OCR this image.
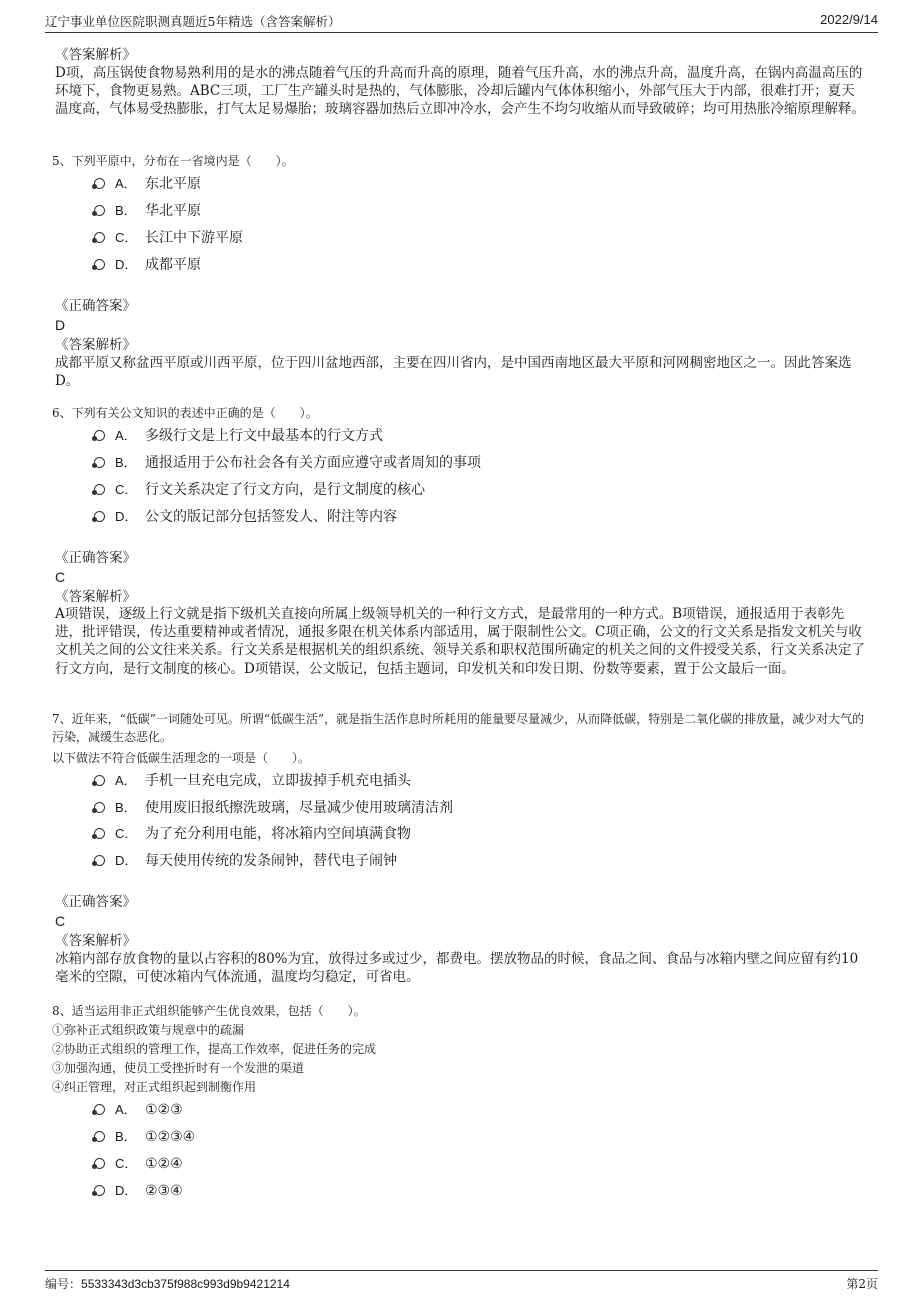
辽宁事业单位医院职测真题近5年精选（含答案解析）	2022/9/14
《答案解析》
D项，高压锅使食物易熟利用的是水的沸点随着气压的升高而升高的原理，随着气压升高，水的沸点升高，温度升高，在锅内高温高压的环境下，食物更易熟。ABC三项，工厂生产罐头时是热的，气体膨胀，冷却后罐内气体体积缩小，外部气压大于内部，很难打开；夏天温度高，气体易受热膨胀，打气太足易爆胎；玻璃容器加热后立即冲冷水，会产生不均匀收缩从而导致破碎；均可用热胀冷缩原理解释。
5、下列平原中，分布在一省境内是（　　）。
A． 东北平原
B． 华北平原
C． 长江中下游平原
D． 成都平原
《正确答案》
D
《答案解析》
成都平原又称盆西平原或川西平原，位于四川盆地西部，主要在四川省内，是中国西南地区最大平原和河网稠密地区之一。因此答案选D。
6、下列有关公文知识的表述中正确的是（　　）。
A． 多级行文是上行文中最基本的行文方式
B． 通报适用于公布社会各有关方面应遵守或者周知的事项
C． 行文关系决定了行文方向，是行文制度的核心
D． 公文的版记部分包括签发人、附注等内容
《正确答案》
C
《答案解析》
A项错误，逐级上行文就是指下级机关直接向所属上级领导机关的一种行文方式，是最常用的一种方式。B项错误，通报适用于表彰先进，批评错误，传达重要精神或者情况，通报多限在机关体系内部适用，属于限制性公文。C项正确，公文的行文关系是指发文机关与收文机关之间的公文往来关系。行文关系是根据机关的组织系统、领导关系和职权范围所确定的机关之间的文件授受关系，行文关系决定了行文方向，是行文制度的核心。D项错误，公文版记，包括主题词，印发机关和印发日期、份数等要素，置于公文最后一面。
7、近年来，“低碳”一词随处可见。所谓“低碳生活”，就是指生活作息时所耗用的能量要尽量减少，从而降低碳，特别是二氧化碳的排放量，减少对大气的污染，减缓生态恶化。
以下做法不符合低碳生活理念的一项是（　　）。
A． 手机一旦充电完成，立即拔掉手机充电插头
B． 使用废旧报纸擦洗玻璃，尽量减少使用玻璃清洁剂
C． 为了充分利用电能，将冰箱内空间填满食物
D． 每天使用传统的发条闹钟，替代电子闹钟
《正确答案》
C
《答案解析》
冰箱内部存放食物的量以占容积的80%为宜，放得过多或过少，都费电。摆放物品的时候，食品之间、食品与冰箱内壁之间应留有约10毫米的空隙，可使冰箱内气体流通，温度均匀稳定，可省电。
8、适当运用非正式组织能够产生优良效果，包括（　　）。
①弥补正式组织政策与规章中的疏漏
②协助正式组织的管理工作，提高工作效率，促进任务的完成
③加强沟通，使员工受挫折时有一个发泄的渠道
④纠正管理，对正式组织起到制衡作用
A． ①②③
B． ①②③④
C． ①②④
D． ②③④
编号：5533343d3cb375f988c993d9b9421214	第2页
